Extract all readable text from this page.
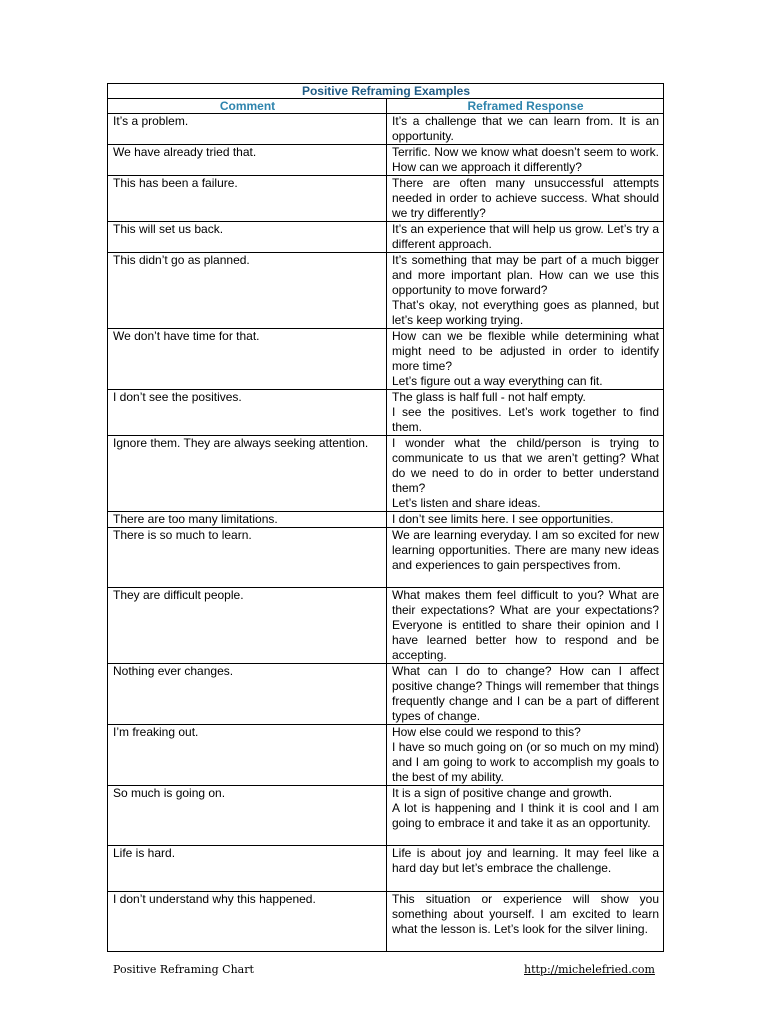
Positive Reframing Examples	
Comment	Reframed Response
It’s a problem.	It’s a challenge that we can learn from. It is an opportunity.

We have already tried that.	Terrific. Now we know what doesn’t seem to work. How can we approach it differently?

This has been a failure.	There are often many unsuccessful attempts needed in order to achieve success. What should we try differently?

This will set us back.	It’s an experience that will help us grow. Let’s try a different approach.

This didn’t go as planned.	It’s something that may be part of a much bigger and more important plan. How can we use this opportunity to move forward?

That’s okay, not everything goes as planned, but let’s keep working trying.

We don’t have time for that.	How can we be flexible while determining what might need to be adjusted in order to identify more time?

Let’s figure out a way everything can fit.

I don’t see the positives.	The glass is half full - not half empty.

I see the positives. Let’s work together to find them.

Ignore them. They are always seeking attention.	I wonder what the child/person is trying to communicate to us that we aren’t getting? What do we need to do in order to better understand them?

Let’s listen and share ideas.

There are too many limitations.	I don’t see limits here. I see opportunities.

There is so much to learn.	We are learning everyday. I am so excited for new learning opportunities. There are many new ideas and experiences to gain perspectives from.

They are difficult people.	What makes them feel difficult to you? What are their expectations? What are your expectations? Everyone is entitled to share their opinion and I have learned better how to respond and be accepting.

Nothing ever changes.	What can I do to change? How can I affect positive change? Things will remember that things frequently change and I can be a part of different types of change.

I’m freaking out.	How else could we respond to this?

I have so much going on (or so much on my mind) and I am going to work to accomplish my goals to the best of my ability.

So much is going on.	It is a sign of positive change and growth.

A lot is happening and I think it is cool and I am going to embrace it and take it as an opportunity.

Life is hard.	Life is about joy and learning. It may feel like a hard day but let’s embrace the challenge.

I don’t understand why this happened.	This situation or experience will show you something about yourself. I am excited to learn what the lesson is. Let’s look for the silver lining.

Positive Reframing Chart	http://michelefried.com
